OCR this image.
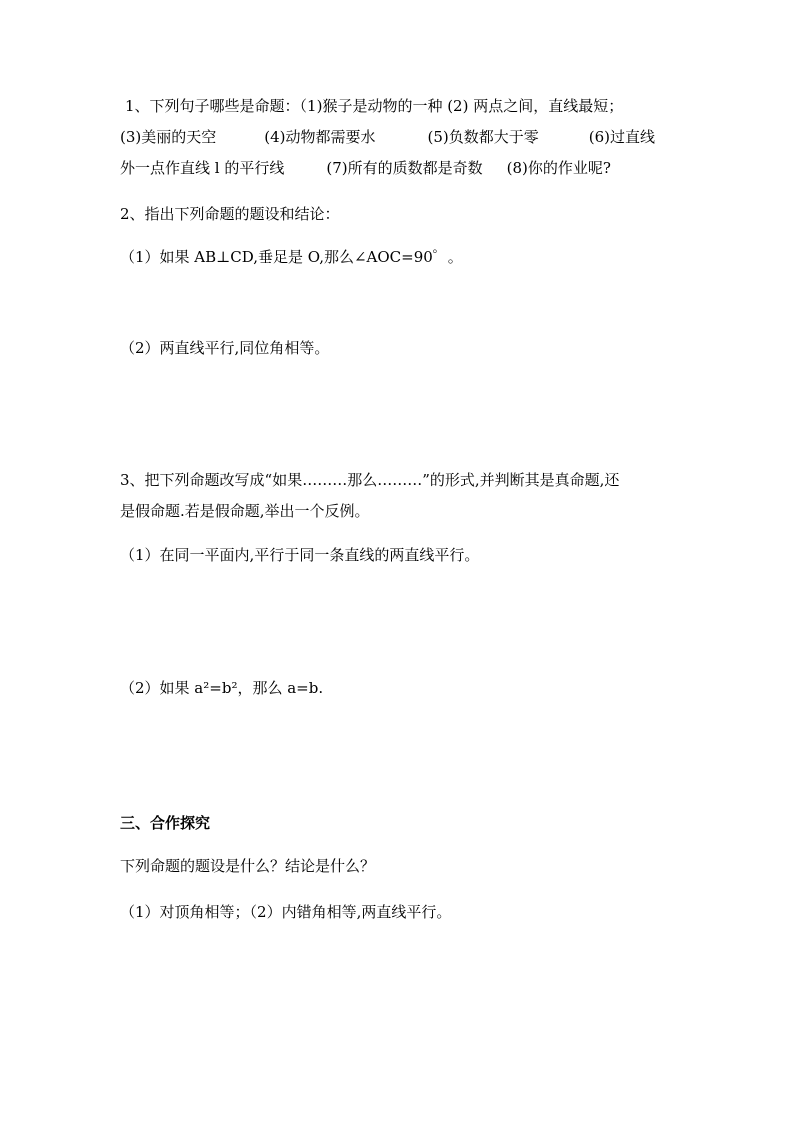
1、下列句子哪些是命题：（1)猴子是动物的一种 (2) 两点之间，直线最短；
(3)美丽的天空	(4)动物都需要水	(5)负数都大于零	(6)过直线
外一点作直线 l 的平行线	(7)所有的质数都是奇数 (8)你的作业呢?
2、指出下列命题的题设和结论：
（1）如果 AB⊥CD,垂足是 O,那么∠AOC=90゜。
（2）两直线平行,同位角相等。
3、把下列命题改写成“如果………那么………”的形式,并判断其是真命题,还
是假命题.若是假命题,举出一个反例。
（1）在同一平面内,平行于同一条直线的两直线平行。
（2）如果 a²=b²，那么 a=b.
三、合作探究
下列命题的题设是什么？结论是什么？
（1）对顶角相等；（2）内错角相等,两直线平行。
